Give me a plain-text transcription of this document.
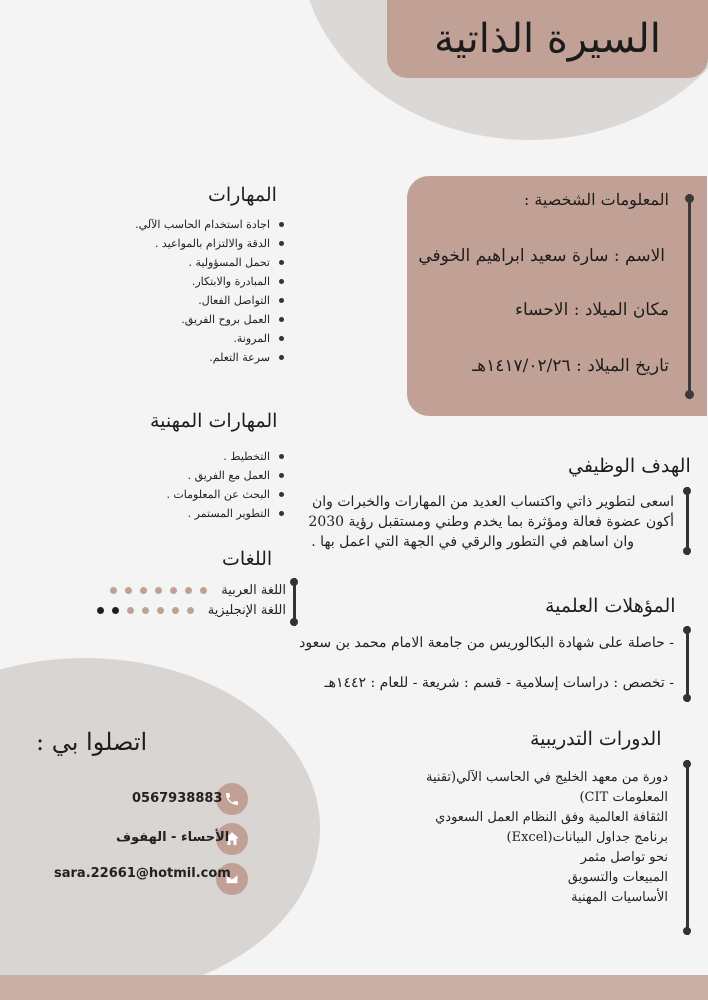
السيرة الذاتية
المعلومات الشخصية :
الاسم : سارة سعيد ابراهيم الخوفي
مكان الميلاد : الاحساء
تاريخ الميلاد : ١٤١٧/٠٢/٢٦هـ
المهارات
اجادة استخدام الحاسب الآلي.
الدقة والالتزام بالمواعيد .
تحمل المسؤولية .
المبادرة والابتكار.
التواصل الفعال.
العمل بروح الفريق.
المرونة.
سرعة التعلم.
المهارات المهنية
التخطيط .
العمل مع الفريق .
البحث عن المعلومات .
التطوير المستمر .
اللغات
اللغة العربية
اللغة الإنجليزية
الهدف الوظيفي
اسعى لتطوير ذاتي واكتساب العديد من المهارات والخبرات وان
أكون عضوة فعالة ومؤثرة بما يخدم وطني ومستقبل رؤية 2030
وان اساهم في التطور والرقي في الجهة التي اعمل بها .
المؤهلات العلمية
- حاصلة على شهادة البكالوريس من جامعة الامام محمد بن سعود
- تخصص : دراسات إسلامية - قسم : شريعة - للعام : ١٤٤٢هـ
الدورات التدريبية
دورة من معهد الخليج في الحاسب الآلي(تقنية
المعلومات CIT)
الثقافة العالمية وفق النظام العمل السعودي
برنامج جداول البيانات(Excel)
نحو تواصل مثمر
المبيعات والتسويق
الأساسيات المهنية
اتصلوا بي :
0567938883
الأحساء - الهفوف
sara.22661@hotmil.com
